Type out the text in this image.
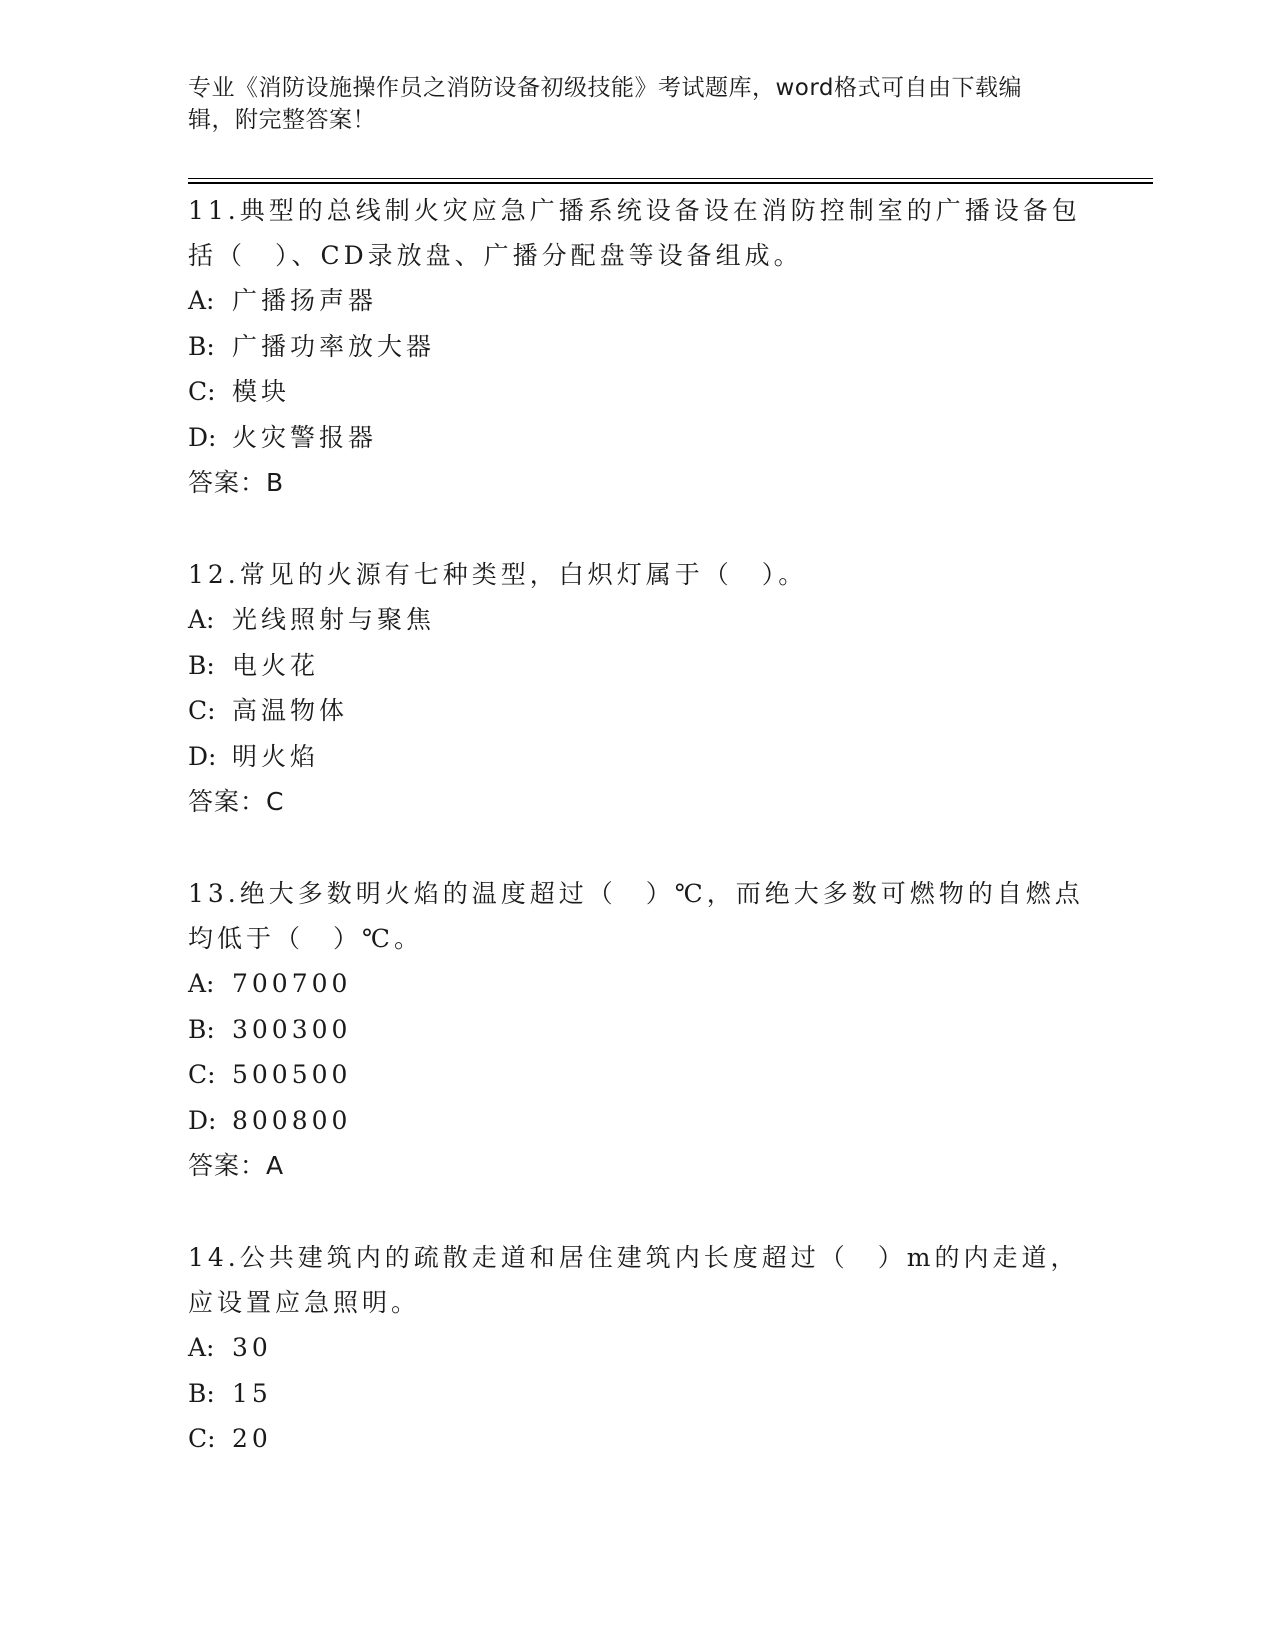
专业《消防设施操作员之消防设备初级技能》考试题库，word格式可自由下载编辑，附完整答案！

11.典型的总线制火灾应急广播系统设备设在消防控制室的广播设备包括（　）、CD录放盘、广播分配盘等设备组成。

A: 广播扬声器

B: 广播功率放大器

C: 模块

D: 火灾警报器

答案：B

12.常见的火源有七种类型，白炽灯属于（　）。

A: 光线照射与聚焦

B: 电火花

C: 高温物体

D: 明火焰

答案：C

13.绝大多数明火焰的温度超过（　）℃，而绝大多数可燃物的自燃点均低于（　）℃。

A: 700700

B: 300300

C: 500500

D: 800800

答案：A

14.公共建筑内的疏散走道和居住建筑内长度超过（　）m的内走道，应设置应急照明。

A: 30

B: 15

C: 20
